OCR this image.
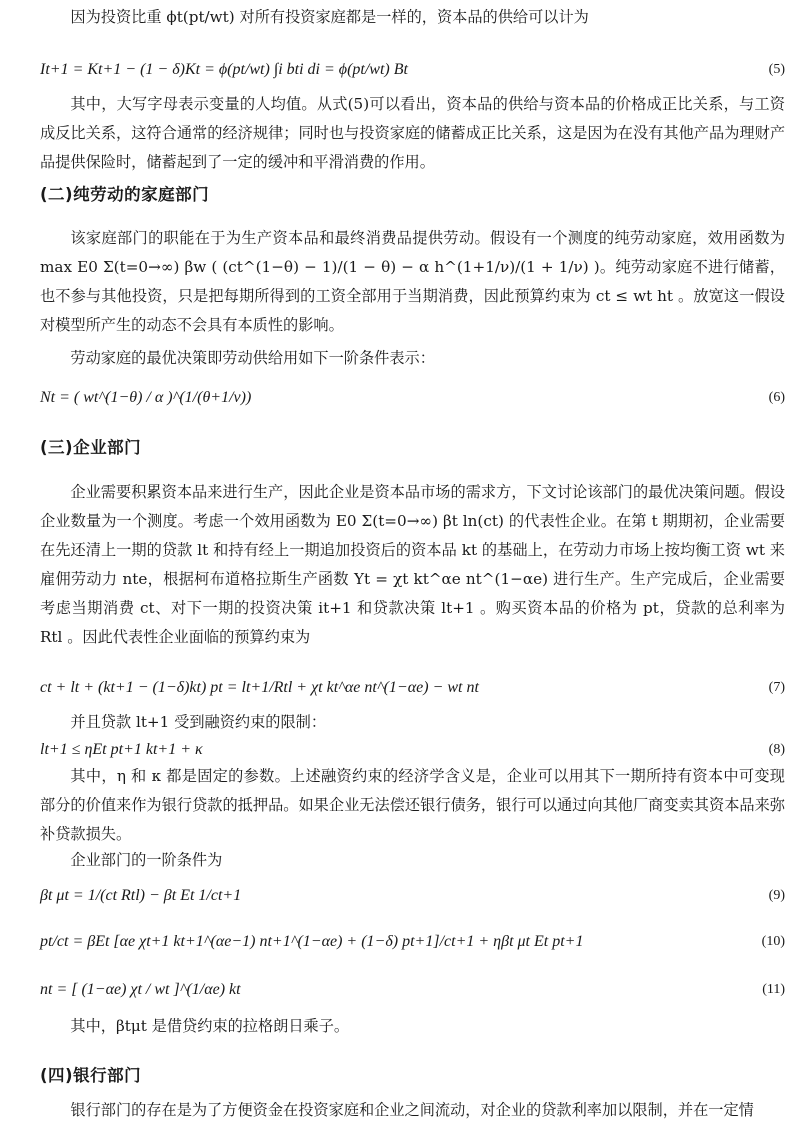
因为投资比重 ϕt(pt/wt) 对所有投资家庭都是一样的，资本品的供给可以计为

It+1 = Kt+1 − (1 − δ)Kt = ϕ(pt/wt) ∫i bti di = ϕ(pt/wt) Bt	(5)

其中，大写字母表示变量的人均值。从式(5)可以看出，资本品的供给与资本品的价格成正比关系，与工资成反比关系，这符合通常的经济规律；同时也与投资家庭的储蓄成正比关系，这是因为在没有其他产品为理财产品提供保险时，储蓄起到了一定的缓冲和平滑消费的作用。

(二)纯劳动的家庭部门

该家庭部门的职能在于为生产资本品和最终消费品提供劳动。假设有一个测度的纯劳动家庭，效用函数为 max E0 Σ(t=0→∞) βw ( (ct^(1−θ) − 1)/(1 − θ) − α h^(1+1/ν)/(1 + 1/ν) )。纯劳动家庭不进行储蓄，也不参与其他投资，只是把每期所得到的工资全部用于当期消费，因此预算约束为 ct ≤ wt ht 。放宽这一假设对模型所产生的动态不会具有本质性的影响。

劳动家庭的最优决策即劳动供给用如下一阶条件表示：

Nt = ( wt^(1−θ) / α )^(1/(θ+1/ν))	(6)
(三)企业部门

企业需要积累资本品来进行生产，因此企业是资本品市场的需求方，下文讨论该部门的最优决策问题。假设企业数量为一个测度。考虑一个效用函数为 E0 Σ(t=0→∞) βt ln(ct) 的代表性企业。在第 t 期期初，企业需要在先还清上一期的贷款 lt 和持有经上一期追加投资后的资本品 kt 的基础上，在劳动力市场上按均衡工资 wt 来雇佣劳动力 nte，根据柯布道格拉斯生产函数 Yt = χt kt^αe nt^(1−αe) 进行生产。生产完成后，企业需要考虑当期消费 ct、对下一期的投资决策 it+1 和贷款决策 lt+1 。购买资本品的价格为 pt，贷款的总利率为 Rtl 。因此代表性企业面临的预算约束为

ct + lt + (kt+1 − (1−δ)kt) pt = lt+1/Rtl + χt kt^αe nt^(1−αe) − wt nt	(7)

并且贷款 lt+1 受到融资约束的限制：

lt+1 ≤ ηEt pt+1 kt+1 + κ	(8)

其中，η 和 κ 都是固定的参数。上述融资约束的经济学含义是，企业可以用其下一期所持有资本中可变现部分的价值来作为银行贷款的抵押品。如果企业无法偿还银行债务，银行可以通过向其他厂商变卖其资本品来弥补贷款损失。

企业部门的一阶条件为

βt μt = 1/(ct Rtl) − βt Et 1/ct+1	(9)
pt/ct = βEt [αe χt+1 kt+1^(αe−1) nt+1^(1−αe) + (1−δ) pt+1]/ct+1 + ηβt μt Et pt+1	(10)
nt = [ (1−αe) χt / wt ]^(1/αe) kt	(11)

其中，βtμt 是借贷约束的拉格朗日乘子。

(四)银行部门

银行部门的存在是为了方便资金在投资家庭和企业之间流动，对企业的贷款利率加以限制，并在一定情
